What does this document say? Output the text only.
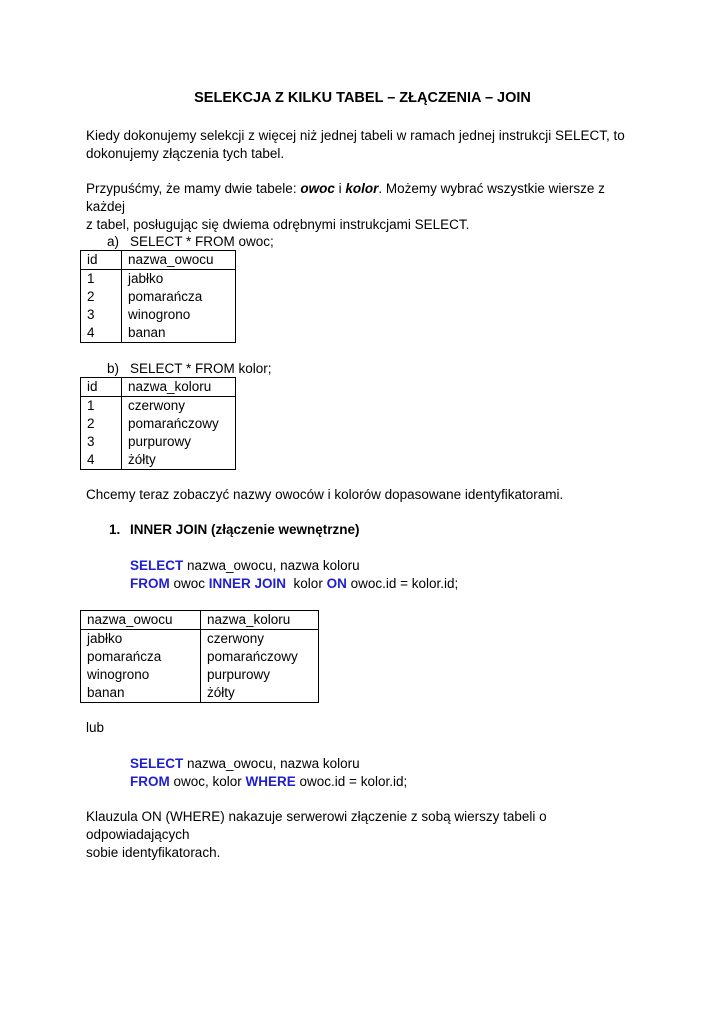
SELEKCJA Z KILKU TABEL – ZŁĄCZENIA – JOIN
Kiedy dokonujemy selekcji z więcej niż jednej tabeli w ramach jednej instrukcji SELECT, to
dokonujemy złączenia tych tabel.
Przypuśćmy, że mamy dwie tabele: owoc i kolor. Możemy wybrać wszystkie wiersze z każdej
z tabel, posługując się dwiema odrębnymi instrukcjami SELECT.
a) SELECT * FROM owoc;
id	nazwa_owocu
1	jabłko
2	pomarańcza
3	winogrono
4	banan
b) SELECT * FROM kolor;
id	nazwa_koloru
1	czerwony
2	pomarańczowy
3	purpurowy
4	żółty
Chcemy teraz zobaczyć nazwy owoców i kolorów dopasowane identyfikatorami.
1. INNER JOIN (złączenie wewnętrzne)
SELECT nazwa_owocu, nazwa koloru
FROM owoc INNER JOIN  kolor ON owoc.id = kolor.id;
nazwa_owocu	nazwa_koloru
jabłko	czerwony
pomarańcza	pomarańczowy
winogrono	purpurowy
banan	żółty
lub
SELECT nazwa_owocu, nazwa koloru
FROM owoc, kolor WHERE owoc.id = kolor.id;
Klauzula ON (WHERE) nakazuje serwerowi złączenie z sobą wierszy tabeli o odpowiadających
sobie identyfikatorach.
